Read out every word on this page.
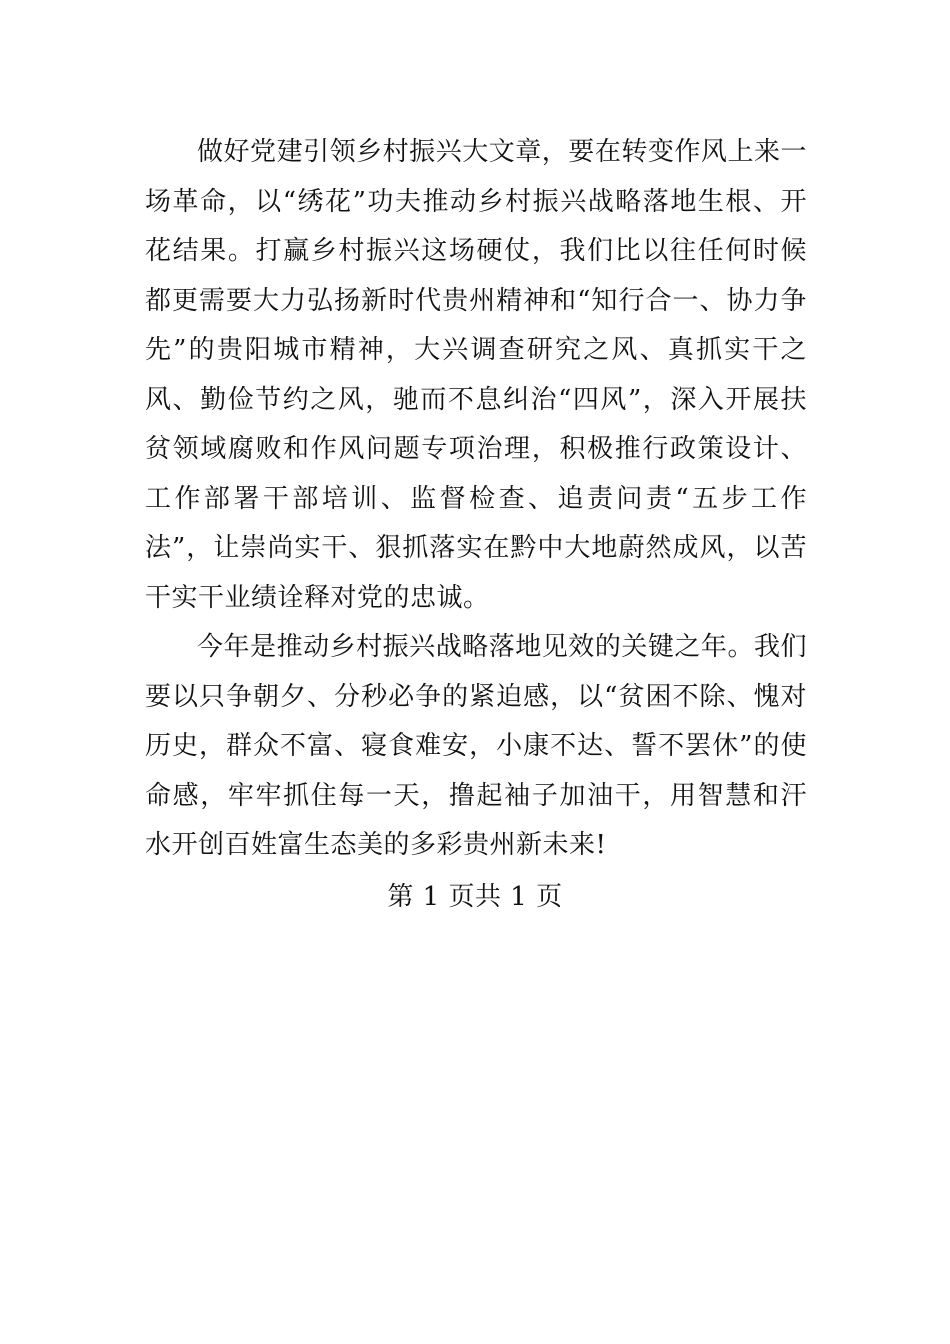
做好党建引领乡村振兴大文章，要在转变作风上来一场革命，以“绣花”功夫推动乡村振兴战略落地生根、开花结果。打赢乡村振兴这场硬仗，我们比以往任何时候都更需要大力弘扬新时代贵州精神和“知行合一、协力争先”的贵阳城市精神，大兴调查研究之风、真抓实干之风、勤俭节约之风，驰而不息纠治“四风”，深入开展扶贫领域腐败和作风问题专项治理，积极推行政策设计、工作部署干部培训、监督检查、追责问责“五步工作法”，让崇尚实干、狠抓落实在黔中大地蔚然成风，以苦干实干业绩诠释对党的忠诚。

今年是推动乡村振兴战略落地见效的关键之年。我们要以只争朝夕、分秒必争的紧迫感，以“贫困不除、愧对历史，群众不富、寝食难安，小康不达、誓不罢休”的使命感，牢牢抓住每一天，撸起袖子加油干，用智慧和汗水开创百姓富生态美的多彩贵州新未来!

第 1 页共 1 页
